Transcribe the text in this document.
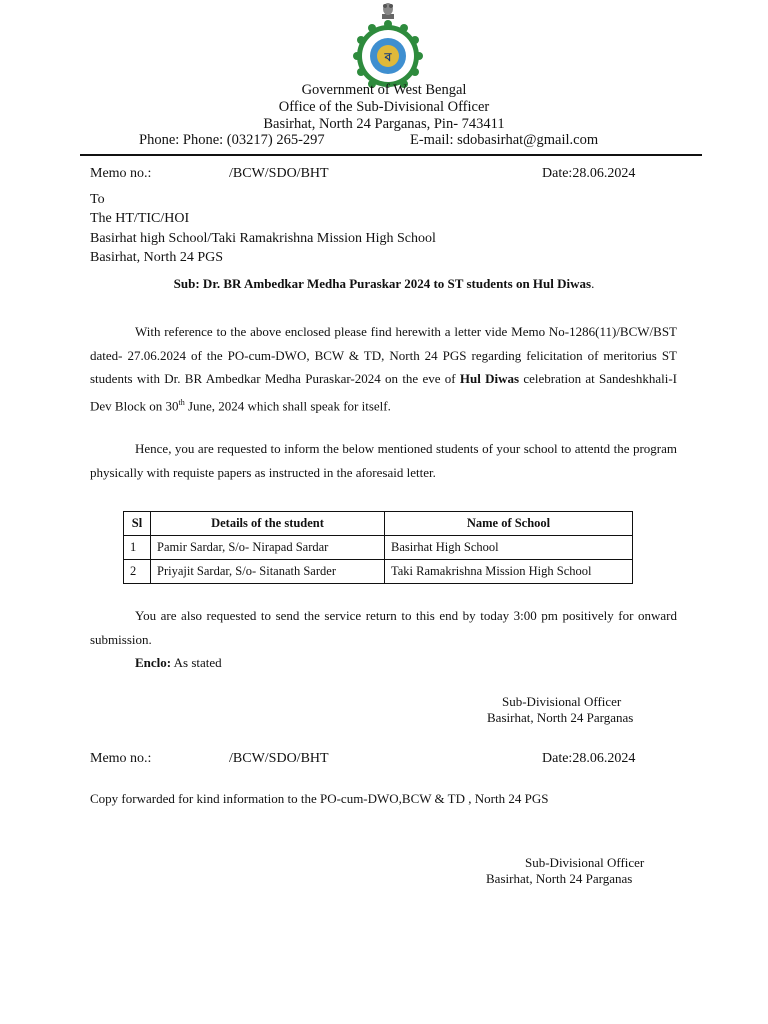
ব
Government of West Bengal
Office of the Sub-Divisional Officer
Basirhat, North 24 Parganas, Pin- 743411
Phone: Phone: (03217) 265-297	E-mail: sdobasirhat@gmail.com
Memo no.:	/BCW/SDO/BHT	Date:28.06.2024
To
The HT/TIC/HOI
Basirhat high School/Taki Ramakrishna Mission High School
Basirhat, North 24 PGS
Sub: Dr. BR Ambedkar Medha Puraskar 2024 to ST students on Hul Diwas.
With reference to the above enclosed please find herewith a letter vide Memo No-1286(11)/BCW/BST dated- 27.06.2024 of the PO-cum-DWO, BCW & TD, North 24 PGS regarding felicitation of meritorius ST students with Dr. BR Ambedkar Medha Puraskar-2024 on the eve of Hul Diwas celebration at Sandeshkhali-I Dev Block on 30th June, 2024 which shall speak for itself.
Hence, you are requested to inform the below mentioned students of your school to attentd the program physically with requiste papers as instructed in the aforesaid letter.
Sl	Details of the student	Name of School
1	Pamir Sardar, S/o- Nirapad Sardar	Basirhat High School
2	Priyajit Sardar, S/o- Sitanath Sarder	Taki Ramakrishna Mission High School
You are also requested to send the service return to this end by today 3:00 pm positively for onward submission.
Enclo: As stated
Sub-Divisional Officer
Basirhat, North 24 Parganas
Memo no.:	/BCW/SDO/BHT	Date:28.06.2024
Copy forwarded for kind information to the PO-cum-DWO,BCW & TD , North 24 PGS
Sub-Divisional Officer
Basirhat, North 24 Parganas
